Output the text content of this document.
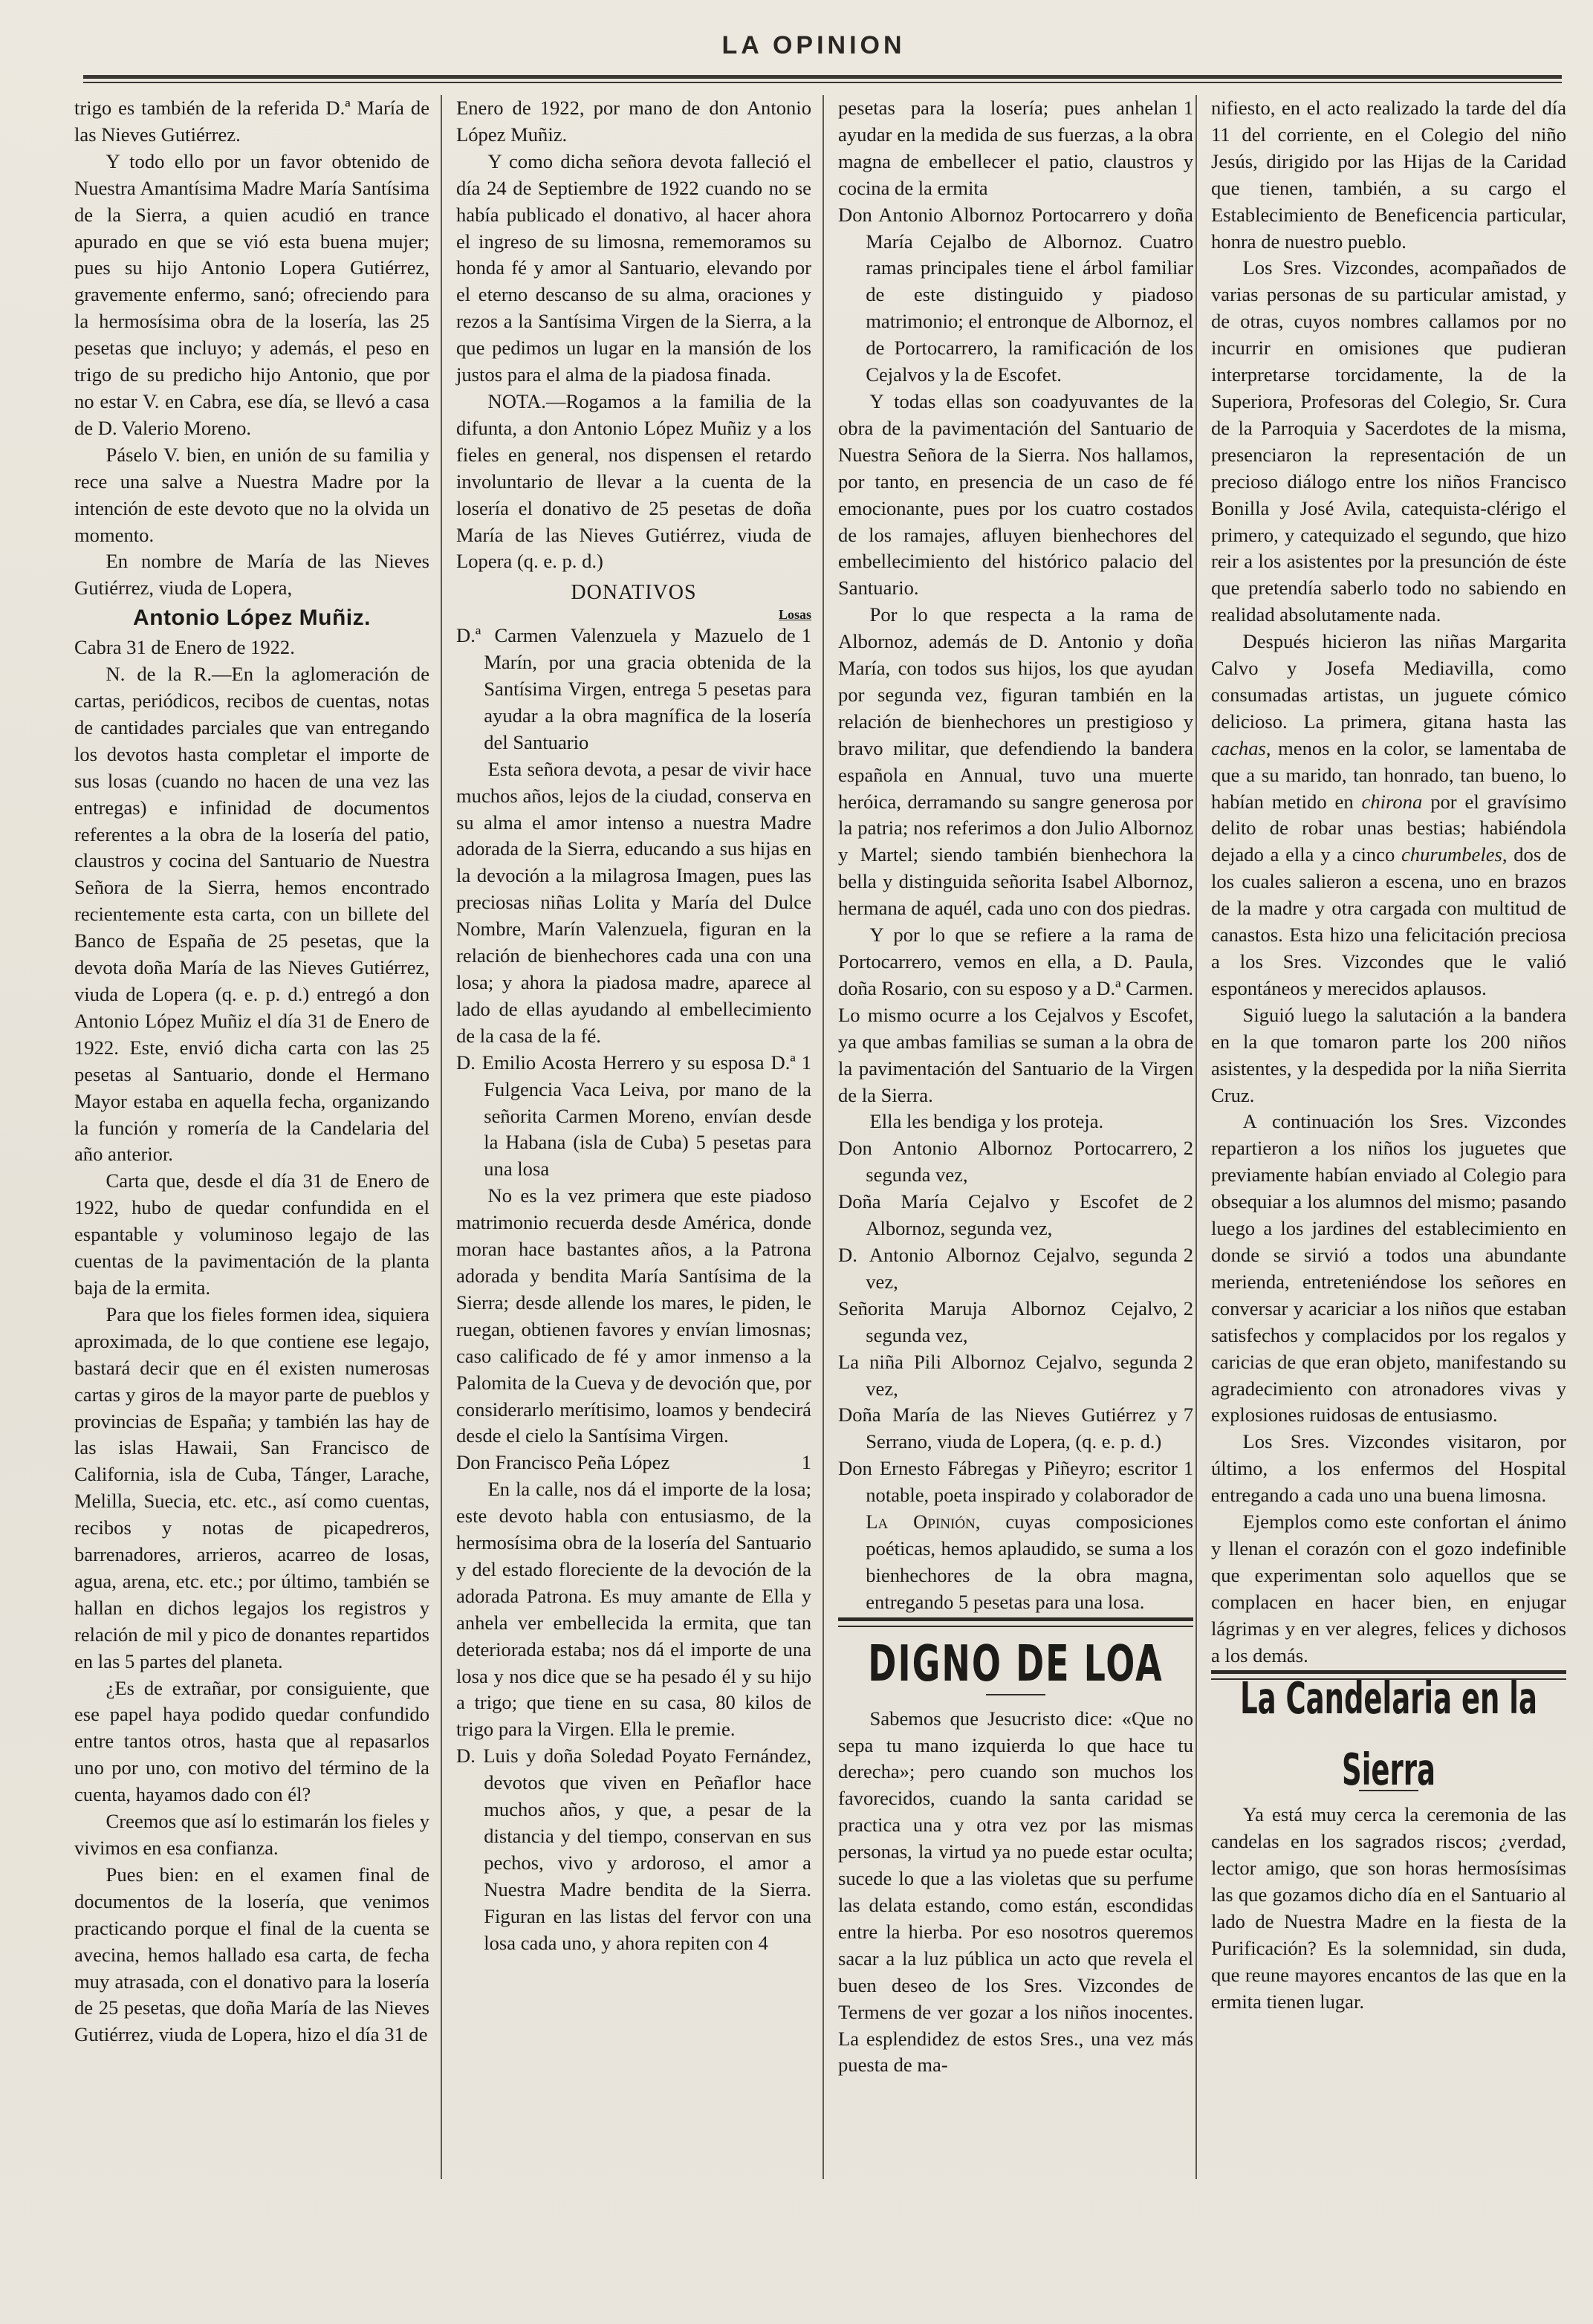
LA OPINION

trigo es también de la referida D.ª María de las Nieves Gutiérrez.

Y todo ello por un favor obtenido de Nuestra Amantísima Madre María Santísima de la Sierra, a quien acudió en trance apurado en que se vió esta buena mujer; pues su hijo Antonio Lopera Gutiérrez, gravemente enfermo, sanó; ofreciendo para la hermosísima obra de la losería, las 25 pesetas que incluyo; y además, el peso en trigo de su predicho hijo Antonio, que por no estar V. en Cabra, ese día, se llevó a casa de D. Valerio Moreno.

Páselo V. bien, en unión de su familia y rece una salve a Nuestra Madre por la intención de este devoto que no la olvida un momento.

En nombre de María de las Nieves Gutiérrez, viuda de Lopera,

Antonio López Muñiz.

Cabra 31 de Enero de 1922.

N. de la R.—En la aglomeración de cartas, periódicos, recibos de cuentas, notas de cantidades parciales que van entregando los devotos hasta completar el importe de sus losas (cuando no hacen de una vez las entregas) e infinidad de documentos referentes a la obra de la losería del patio, claustros y cocina del Santuario de Nuestra Señora de la Sierra, hemos encontrado recientemente esta carta, con un billete del Banco de España de 25 pesetas, que la devota doña María de las Nieves Gutiérrez, viuda de Lopera (q. e. p. d.) entregó a don Antonio López Muñiz el día 31 de Enero de 1922. Este, envió dicha carta con las 25 pesetas al Santuario, donde el Hermano Mayor estaba en aquella fecha, organizando la función y romería de la Candelaria del año anterior.

Carta que, desde el día 31 de Enero de 1922, hubo de quedar confundida en el espantable y voluminoso legajo de las cuentas de la pavimentación de la planta baja de la ermita.

Para que los fieles formen idea, siquiera aproximada, de lo que contiene ese legajo, bastará decir que en él existen numerosas cartas y giros de la mayor parte de pueblos y provincias de España; y también las hay de las islas Hawaii, San Francisco de California, isla de Cuba, Tánger, Larache, Melilla, Suecia, etc. etc., así como cuentas, recibos y notas de picapedreros, barrenadores, arrieros, acarreo de losas, agua, arena, etc. etc.; por último, también se hallan en dichos legajos los registros y relación de mil y pico de donantes repartidos en las 5 partes del planeta.

¿Es de extrañar, por consiguiente, que ese papel haya podido quedar confundido entre tantos otros, hasta que al repasarlos uno por uno, con motivo del término de la cuenta, hayamos dado con él?

Creemos que así lo estimarán los fieles y vivimos en esa confianza.

Pues bien: en el examen final de documentos de la losería, que venimos practicando porque el final de la cuenta se avecina, hemos hallado esa carta, de fecha muy atrasada, con el donativo para la losería de 25 pesetas, que doña María de las Nieves Gutiérrez, viuda de Lopera, hizo el día 31 de

Enero de 1922, por mano de don Antonio López Muñiz.

Y como dicha señora devota falleció el día 24 de Septiembre de 1922 cuando no se había publicado el donativo, al hacer ahora el ingreso de su limosna, rememoramos su honda fé y amor al Santuario, elevando por el eterno descanso de su alma, oraciones y rezos a la Santísima Virgen de la Sierra, a la que pedimos un lugar en la mansión de los justos para el alma de la piadosa finada.

NOTA.—Rogamos a la familia de la difunta, a don Antonio López Muñiz y a los fieles en general, nos dispensen el retardo involuntario de llevar a la cuenta de la losería el donativo de 25 pesetas de doña María de las Nieves Gutiérrez, viuda de Lopera (q. e. p. d.)

DONATIVOS
Losas

1
D.ª Carmen Valenzuela y Mazuelo de Marín, por una gracia obtenida de la Santísima Virgen, entrega 5 pesetas para ayudar a la obra magnífica de la losería del Santuario

Esta señora devota, a pesar de vivir hace muchos años, lejos de la ciudad, conserva en su alma el amor intenso a nuestra Madre adorada de la Sierra, educando a sus hijas en la devoción a la milagrosa Imagen, pues las preciosas niñas Lolita y María del Dulce Nombre, Marín Valenzuela, figuran en la relación de bienhechores cada una con una losa; y ahora la piadosa madre, aparece al lado de ellas ayudando al embellecimiento de la casa de la fé.

1
D. Emilio Acosta Herrero y su esposa D.ª Fulgencia Vaca Leiva, por mano de la señorita Carmen Moreno, envían desde la Habana (isla de Cuba) 5 pesetas para una losa

No es la vez primera que este piadoso matrimonio recuerda desde América, donde moran hace bastantes años, a la Patrona adorada y bendita María Santísima de la Sierra; desde allende los mares, le piden, le ruegan, obtienen favores y envían limosnas; caso calificado de fé y amor inmenso a la Palomita de la Cueva y de devoción que, por considerarlo merítisimo, loamos y bendecirá desde el cielo la Santísima Virgen.

1
Don Francisco Peña López

En la calle, nos dá el importe de la losa; este devoto habla con entusiasmo, de la hermosísima obra de la losería del Santuario y del estado floreciente de la devoción de la adorada Patrona. Es muy amante de Ella y anhela ver embellecida la ermita, que tan deteriorada estaba; nos dá el importe de una losa y nos dice que se ha pesado él y su hijo a trigo; que tiene en su casa, 80 kilos de trigo para la Virgen. Ella le premie.

D. Luis y doña Soledad Poyato Fernández, devotos que viven en Peñaflor hace muchos años, y que, a pesar de la distancia y del tiempo, conservan en sus pechos, vivo y ardoroso, el amor a Nuestra Madre bendita de la Sierra. Figuran en las listas del fervor con una losa cada uno, y ahora repiten con 4

1
pesetas para la losería; pues anhelan ayudar en la medida de sus fuerzas, a la obra magna de embellecer el patio, claustros y cocina de la ermita

Don Antonio Albornoz Portocarrero y doña María Cejalbo de Albornoz. Cuatro ramas principales tiene el árbol familiar de este distinguido y piadoso matrimonio; el entronque de Albornoz, el de Portocarrero, la ramificación de los Cejalvos y la de Escofet.

Y todas ellas son coadyuvantes de la obra de la pavimentación del Santuario de Nuestra Señora de la Sierra. Nos hallamos, por tanto, en presencia de un caso de fé emocionante, pues por los cuatro costados de los ramajes, afluyen bienhechores del embellecimiento del histórico palacio del Santuario.

Por lo que respecta a la rama de Albornoz, además de D. Antonio y doña María, con todos sus hijos, los que ayudan por segunda vez, figuran también en la relación de bienhechores un prestigioso y bravo militar, que defendiendo la bandera española en Annual, tuvo una muerte heróica, derramando su sangre generosa por la patria; nos referimos a don Julio Albornoz y Martel; siendo también bienhechora la bella y distinguida señorita Isabel Albornoz, hermana de aquél, cada uno con dos piedras.

Y por lo que se refiere a la rama de Portocarrero, vemos en ella, a D. Paula, doña Rosario, con su esposo y a D.ª Carmen. Lo mismo ocurre a los Cejalvos y Escofet, ya que ambas familias se suman a la obra de la pavimentación del Santuario de la Virgen de la Sierra.

Ella les bendiga y los proteja.

2
Don Antonio Albornoz Portocarrero, segunda vez,

2
Doña María Cejalvo y Escofet de Albornoz, segunda vez,

2
D. Antonio Albornoz Cejalvo, segunda vez,

2
Señorita Maruja Albornoz Cejalvo, segunda vez,

2
La niña Pili Albornoz Cejalvo, segunda vez,

7
Doña María de las Nieves Gutiérrez y Serrano, viuda de Lopera, (q. e. p. d.)

1
Don Ernesto Fábregas y Piñeyro; escritor notable, poeta inspirado y colaborador de La Opinión, cuyas composiciones poéticas, hemos aplaudido, se suma a los bienhechores de la obra magna, entregando 5 pesetas para una losa.

DIGNO DE LOA

Sabemos que Jesucristo dice: «Que no sepa tu mano izquierda lo que hace tu derecha»; pero cuando son muchos los favorecidos, cuando la santa caridad se practica una y otra vez por las mismas personas, la virtud ya no puede estar oculta; sucede lo que a las violetas que su perfume las delata estando, como están, escondidas entre la hierba. Por eso nosotros queremos sacar a la luz pública un acto que revela el buen deseo de los Sres. Vizcondes de Termens de ver gozar a los niños inocentes. La esplendidez de estos Sres., una vez más puesta de ma-

nifiesto, en el acto realizado la tarde del día 11 del corriente, en el Colegio del niño Jesús, dirigido por las Hijas de la Caridad que tienen, también, a su cargo el Establecimiento de Beneficencia particular, honra de nuestro pueblo.

Los Sres. Vizcondes, acompañados de varias personas de su particular amistad, y de otras, cuyos nombres callamos por no incurrir en omisiones que pudieran interpretarse torcidamente, la de la Superiora, Profesoras del Colegio, Sr. Cura de la Parroquia y Sacerdotes de la misma, presenciaron la representación de un precioso diálogo entre los niños Francisco Bonilla y José Avila, catequista-clérigo el primero, y catequizado el segundo, que hizo reir a los asistentes por la presunción de éste que pretendía saberlo todo no sabiendo en realidad absolutamente nada.

Después hicieron las niñas Margarita Calvo y Josefa Mediavilla, como consumadas artistas, un juguete cómico delicioso. La primera, gitana hasta las cachas, menos en la color, se lamentaba de que a su marido, tan honrado, tan bueno, lo habían metido en chirona por el gravísimo delito de robar unas bestias; habiéndola dejado a ella y a cinco churumbeles, dos de los cuales salieron a escena, uno en brazos de la madre y otra cargada con multitud de canastos. Esta hizo una felicitación preciosa a los Sres. Vizcondes que le valió espontáneos y merecidos aplausos.

Siguió luego la salutación a la bandera en la que tomaron parte los 200 niños asistentes, y la despedida por la niña Sierrita Cruz.

A continuación los Sres. Vizcondes repartieron a los niños los juguetes que previamente habían enviado al Colegio para obsequiar a los alumnos del mismo; pasando luego a los jardines del establecimiento en donde se sirvió a todos una abundante merienda, entreteniéndose los señores en conversar y acariciar a los niños que estaban satisfechos y complacidos por los regalos y caricias de que eran objeto, manifestando su agradecimiento con atronadores vivas y explosiones ruidosas de entusiasmo.

Los Sres. Vizcondes visitaron, por último, a los enfermos del Hospital entregando a cada uno una buena limosna.

Ejemplos como este confortan el ánimo y llenan el corazón con el gozo indefinible que experimentan solo aquellos que se complacen en hacer bien, en enjugar lágrimas y en ver alegres, felices y dichosos a los demás.

La Candelaria en la Sierra

Ya está muy cerca la ceremonia de las candelas en los sagrados riscos; ¿verdad, lector amigo, que son horas hermosísimas las que gozamos dicho día en el Santuario al lado de Nuestra Madre en la fiesta de la Purificación? Es la solemnidad, sin duda, que reune mayores encantos de las que en la ermita tienen lugar.
